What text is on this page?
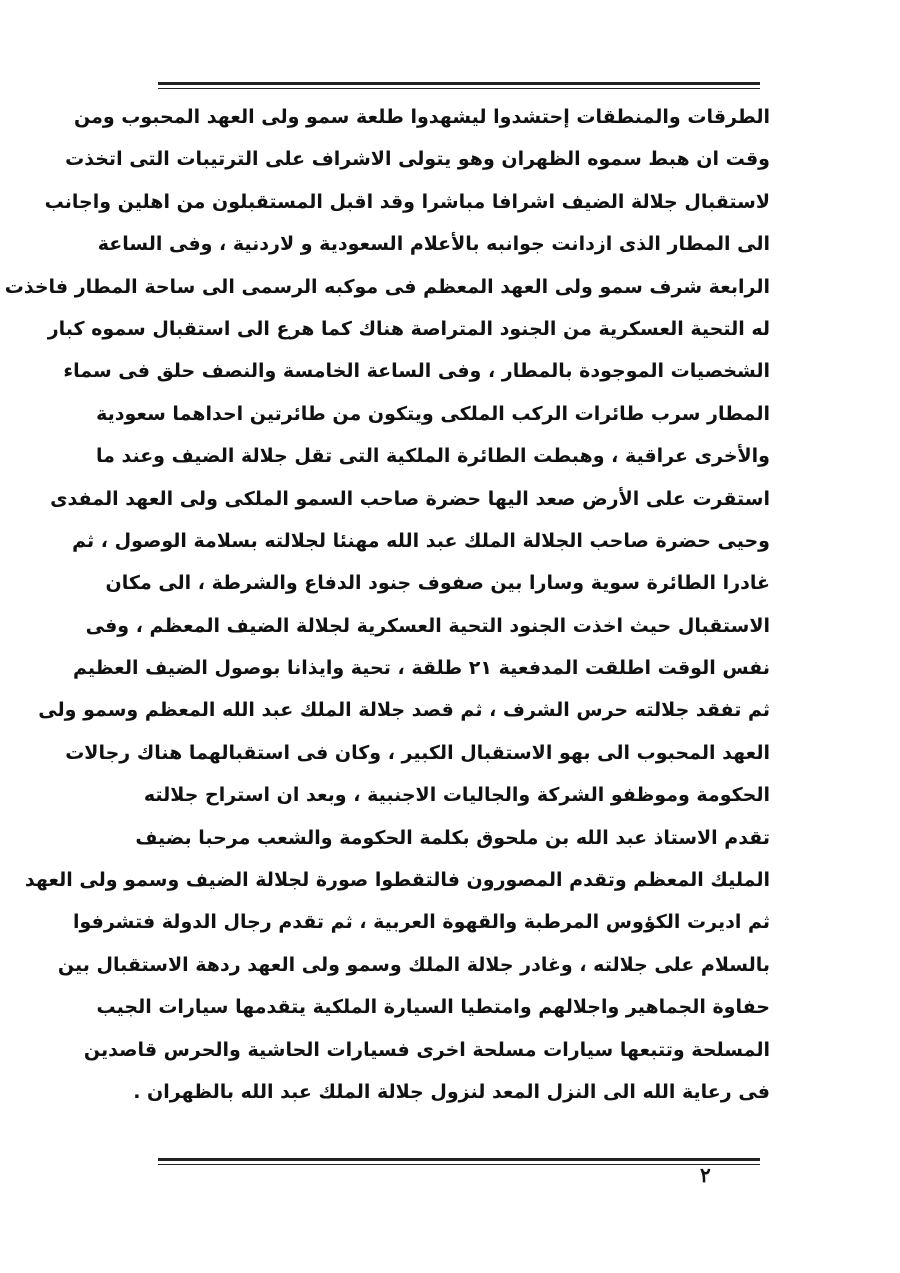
الطرقات والمنطقات إحتشدوا ليشهدوا طلعة سمو ولى العهد المحبوب ومن
وقت ان هبط سموه الظهران وهو يتولى الاشراف على الترتيبات التى اتخذت
لاستقبال جلالة الضيف اشرافا مباشرا وقد اقبل المستقبلون من اهلين واجانب
الى المطار الذى ازدانت جوانبه بالأعلام السعودية و لاردنية ، وفى الساعة
الرابعة شرف سمو ولى العهد المعظم فى موكبه الرسمى الى ساحة المطار فاخذت
له التحية العسكرية من الجنود المتراصة هناك كما هرع الى استقبال سموه كبار
الشخصيات الموجودة بالمطار ، وفى الساعة الخامسة والنصف حلق فى سماء
المطار سرب طائرات الركب الملكى ويتكون من طائرتين احداهما سعودية
والأخرى عراقية ، وهبطت الطائرة الملكية التى تقل جلالة الضيف وعند ما
استقرت على الأرض صعد اليها حضرة صاحب السمو الملكى ولى العهد المفدى
وحيى حضرة صاحب الجلالة الملك عبد الله مهنئا لجلالته بسلامة الوصول ، ثم
غادرا الطائرة سوية وسارا بين صفوف جنود الدفاع والشرطة ، الى مكان
الاستقبال حيث اخذت الجنود التحية العسكرية لجلالة الضيف المعظم ، وفى
نفس الوقت اطلقت المدفعية ٢١ طلقة ، تحية وايذانا بوصول الضيف العظيم
ثم تفقد جلالته حرس الشرف ، ثم قصد جلالة الملك عبد الله المعظم وسمو ولى
العهد المحبوب الى بهو الاستقبال الكبير ، وكان فى استقبالهما هناك رجالات
الحكومة وموظفو الشركة والجاليات الاجنبية ، وبعد ان استراح جلالته
تقدم الاستاذ عبد الله بن ملحوق بكلمة الحكومة والشعب مرحبا بضيف
المليك المعظم وتقدم المصورون فالتقطوا صورة لجلالة الضيف وسمو ولى العهد
ثم اديرت الكؤوس المرطبة والقهوة العربية ، ثم تقدم رجال الدولة فتشرفوا
بالسلام على جلالته ، وغادر جلالة الملك وسمو ولى العهد ردهة الاستقبال بين
حفاوة الجماهير واجلالهم وامتطيا السيارة الملكية يتقدمها سيارات الجيب
المسلحة وتتبعها سيارات مسلحة اخرى فسيارات الحاشية والحرس قاصدين
فى رعاية الله الى النزل المعد لنزول جلالة الملك عبد الله بالظهران .
٢
